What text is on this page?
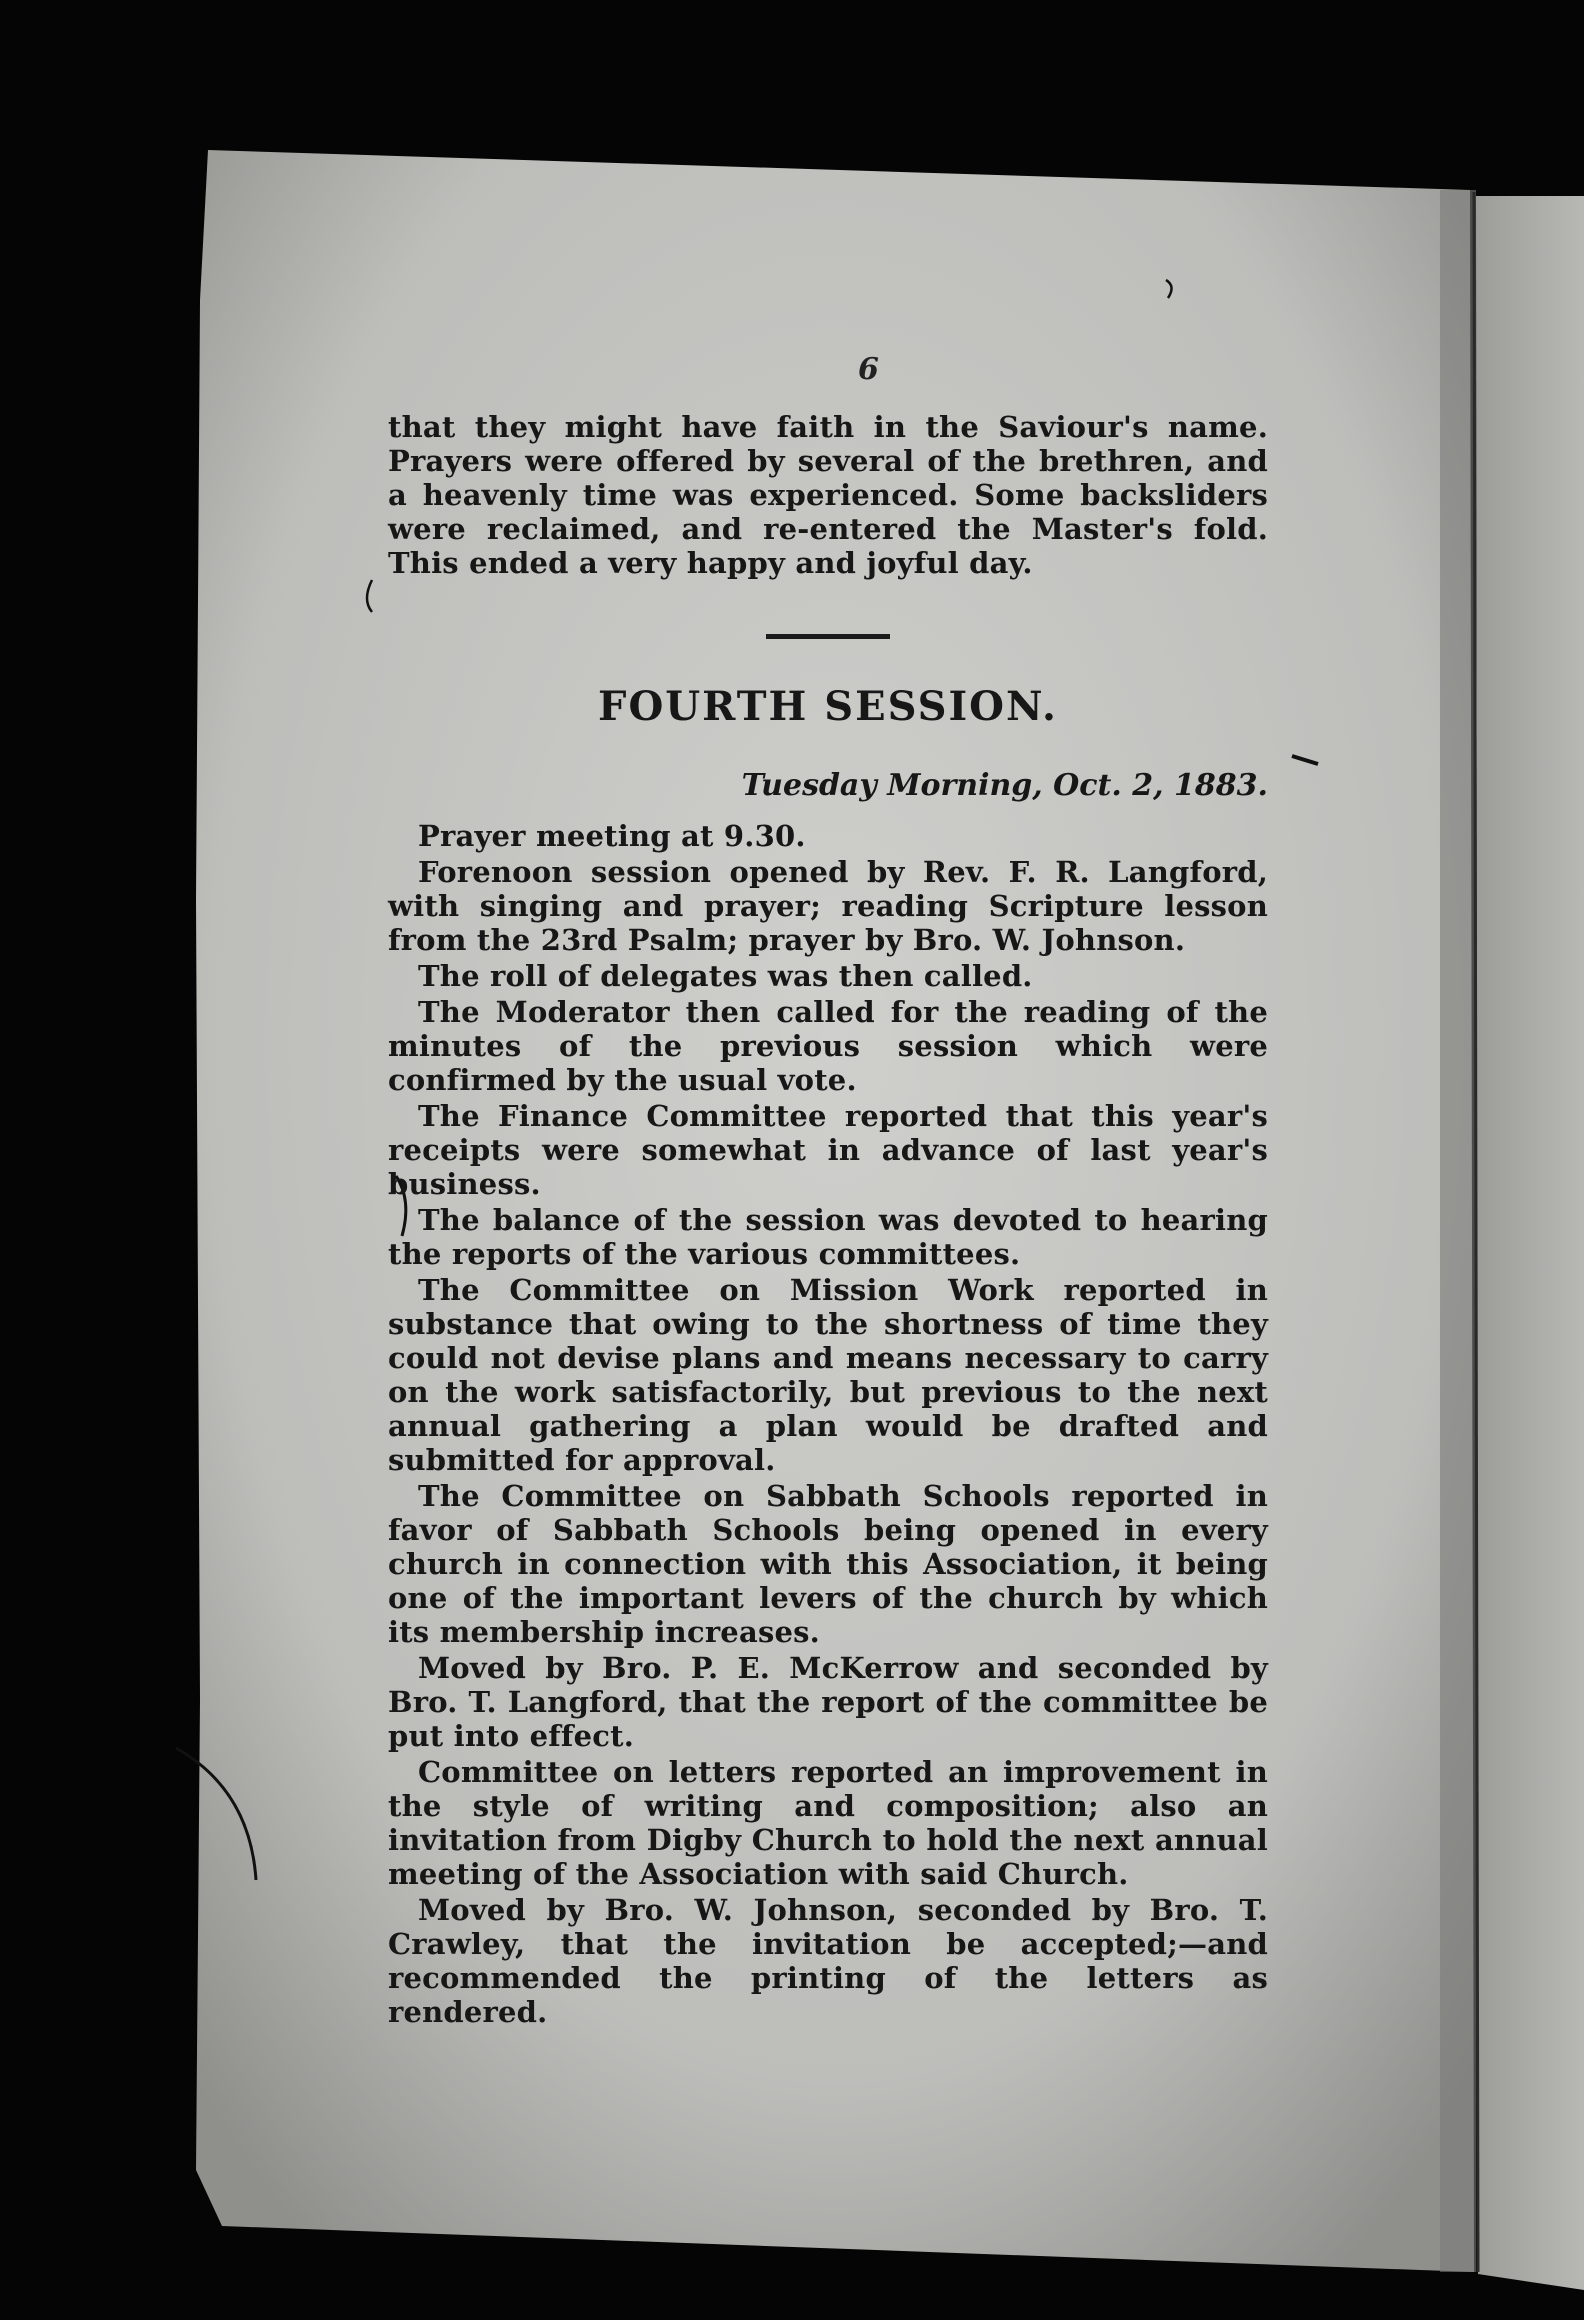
6

that they might have faith in the Saviour's name. Prayers were offered by several of the brethren, and a heavenly time was experienced. Some backsliders were reclaimed, and re-entered the Master's fold. This ended a very happy and joyful day.

FOURTH SESSION.

Tuesday Morning, Oct. 2, 1883.

Prayer meeting at 9.30.

Forenoon session opened by Rev. F. R. Langford, with singing and prayer; reading Scripture lesson from the 23rd Psalm; prayer by Bro. W. Johnson.

The roll of delegates was then called.

The Moderator then called for the reading of the minutes of the previous session which were confirmed by the usual vote.

The Finance Committee reported that this year's receipts were somewhat in advance of last year's business.

The balance of the session was devoted to hearing the reports of the various committees.

The Committee on Mission Work reported in substance that owing to the shortness of time they could not devise plans and means necessary to carry on the work satisfactorily, but previous to the next annual gathering a plan would be drafted and submitted for approval.

The Committee on Sabbath Schools reported in favor of Sabbath Schools being opened in every church in connection with this Association, it being one of the important levers of the church by which its membership increases.

Moved by Bro. P. E. McKerrow and seconded by Bro. T. Langford, that the report of the committee be put into effect.

Committee on letters reported an improvement in the style of writing and composition; also an invitation from Digby Church to hold the next annual meeting of the Association with said Church.

Moved by Bro. W. Johnson, seconded by Bro. T. Crawley, that the invitation be accepted;—and recommended the printing of the letters as rendered.
